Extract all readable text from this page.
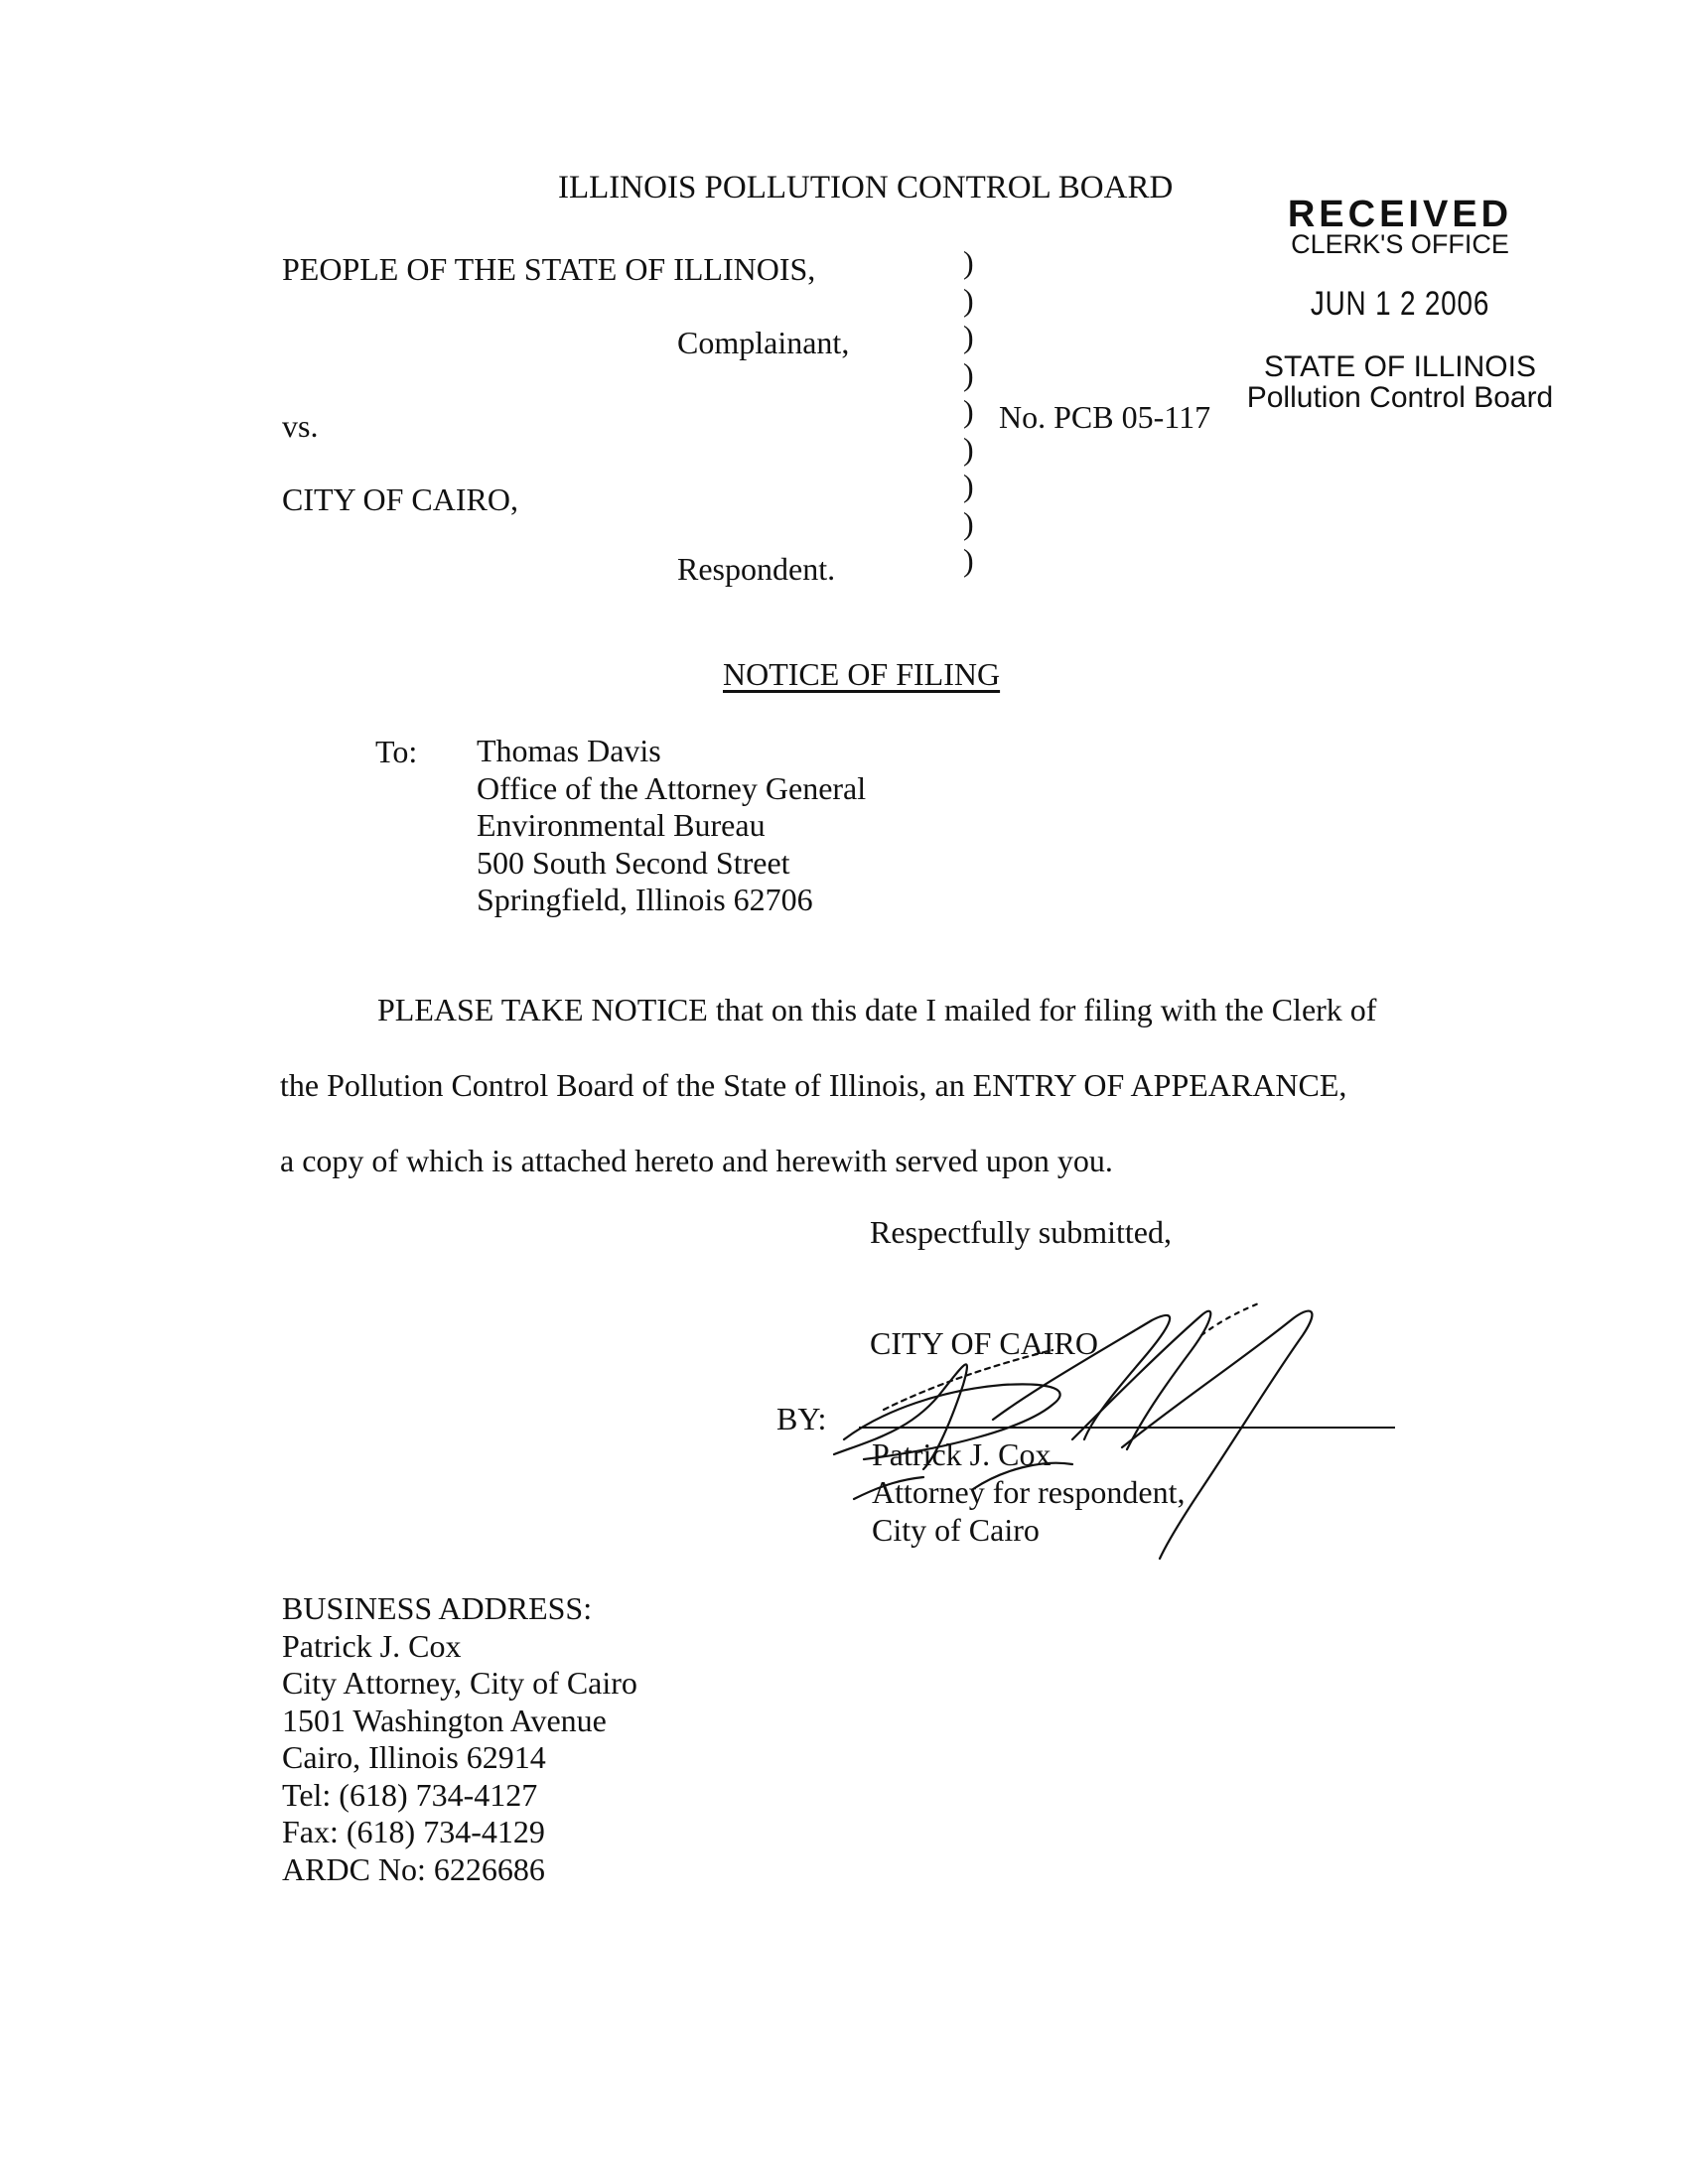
ILLINOIS POLLUTION CONTROL BOARD
RECEIVED
CLERK'S OFFICE
JUN 1 2 2006
STATE OF ILLINOIS
Pollution Control Board
PEOPLE OF THE STATE OF ILLINOIS,
Complainant,
vs.	No. PCB 05-117
CITY OF CAIRO,
Respondent.
)
)
)
)
)
)
)
)
)
NOTICE OF FILING
To: Thomas Davis
Office of the Attorney General
Environmental Bureau
500 South Second Street
Springfield, Illinois 62706
PLEASE TAKE NOTICE that on this date I mailed for filing with the Clerk of
the Pollution Control Board of the State of Illinois, an ENTRY OF APPEARANCE,
a copy of which is attached hereto and herewith served upon you.
Respectfully submitted,
CITY OF CAIRO
BY:
Patrick J. Cox
Attorney for respondent,
City of Cairo
BUSINESS ADDRESS:
Patrick J. Cox
City Attorney, City of Cairo
1501 Washington Avenue
Cairo, Illinois 62914
Tel: (618) 734-4127
Fax: (618) 734-4129
ARDC No: 6226686
